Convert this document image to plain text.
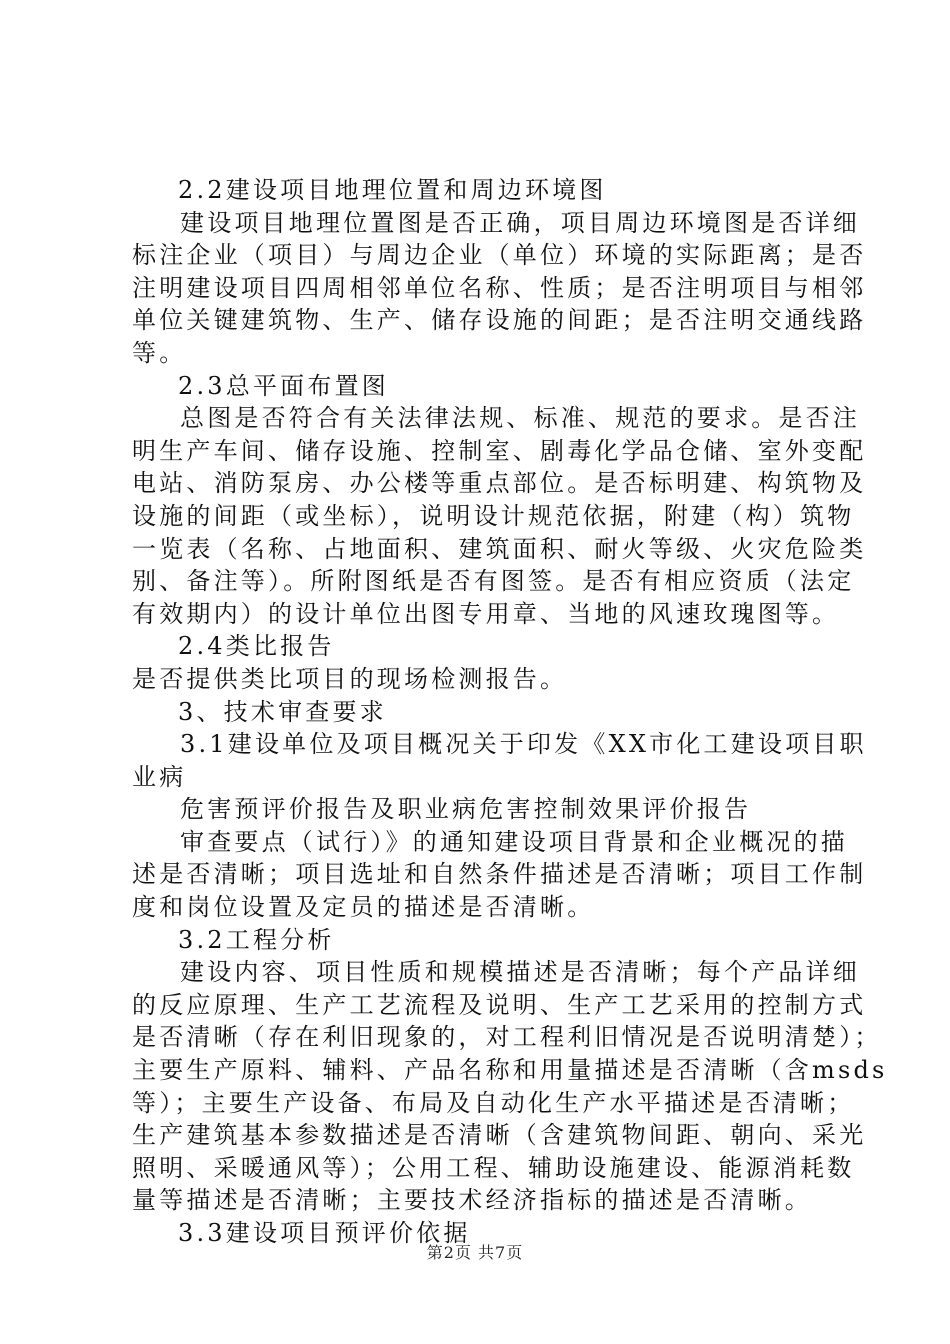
2.2建设项目地理位置和周边环境图
建设项目地理位置图是否正确，项目周边环境图是否详细
标注企业（项目）与周边企业（单位）环境的实际距离；是否
注明建设项目四周相邻单位名称、性质；是否注明项目与相邻
单位关键建筑物、生产、储存设施的间距；是否注明交通线路
等。
2.3总平面布置图
总图是否符合有关法律法规、标准、规范的要求。是否注
明生产车间、储存设施、控制室、剧毒化学品仓储、室外变配
电站、消防泵房、办公楼等重点部位。是否标明建、构筑物及
设施的间距（或坐标），说明设计规范依据，附建（构）筑物
一览表（名称、占地面积、建筑面积、耐火等级、火灾危险类
别、备注等）。所附图纸是否有图签。是否有相应资质（法定
有效期内）的设计单位出图专用章、当地的风速玫瑰图等。
2.4类比报告
是否提供类比项目的现场检测报告。
3、技术审查要求
3.1建设单位及项目概况关于印发《XX市化工建设项目职
业病
危害预评价报告及职业病危害控制效果评价报告
审查要点（试行）》的通知建设项目背景和企业概况的描
述是否清晰；项目选址和自然条件描述是否清晰；项目工作制
度和岗位设置及定员的描述是否清晰。
3.2工程分析
建设内容、项目性质和规模描述是否清晰；每个产品详细
的反应原理、生产工艺流程及说明、生产工艺采用的控制方式
是否清晰（存在利旧现象的，对工程利旧情况是否说明清楚）；
主要生产原料、辅料、产品名称和用量描述是否清晰（含msds
等）；主要生产设备、布局及自动化生产水平描述是否清晰；
生产建筑基本参数描述是否清晰（含建筑物间距、朝向、采光
照明、采暖通风等）；公用工程、辅助设施建设、能源消耗数
量等描述是否清晰；主要技术经济指标的描述是否清晰。
3.3建设项目预评价依据
第2页 共7页
